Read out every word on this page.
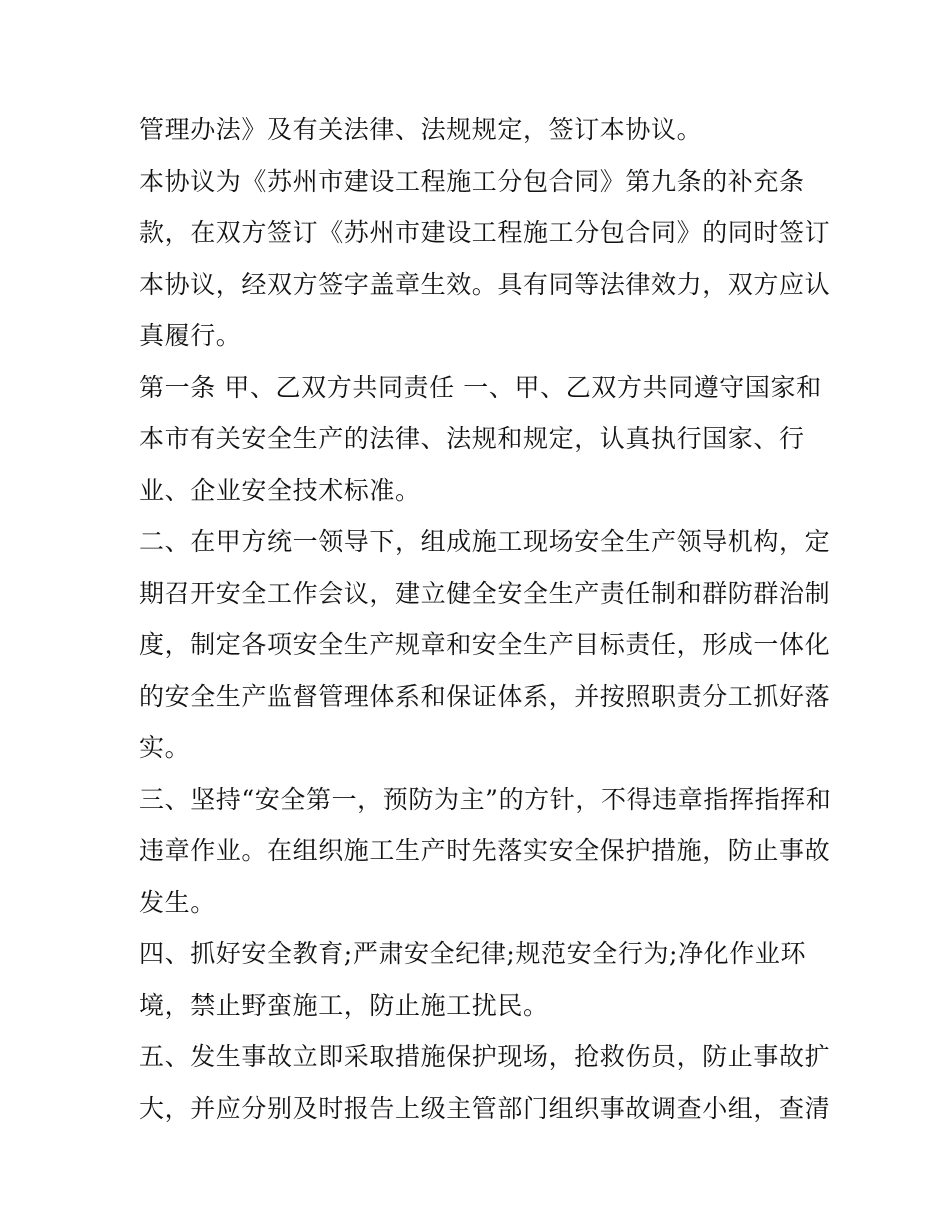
管理办法》及有关法律、法规规定，签订本协议。
本协议为《苏州市建设工程施工分包合同》第九条的补充条
款，在双方签订《苏州市建设工程施工分包合同》的同时签订
本协议，经双方签字盖章生效。具有同等法律效力，双方应认
真履行。
第一条 甲、乙双方共同责任 一、甲、乙双方共同遵守国家和
本市有关安全生产的法律、法规和规定，认真执行国家、行
业、企业安全技术标准。
二、在甲方统一领导下，组成施工现场安全生产领导机构，定
期召开安全工作会议，建立健全安全生产责任制和群防群治制
度，制定各项安全生产规章和安全生产目标责任，形成一体化
的安全生产监督管理体系和保证体系，并按照职责分工抓好落
实。
三、坚持“安全第一，预防为主”的方针，不得违章指挥指挥和
违章作业。在组织施工生产时先落实安全保护措施，防止事故
发生。
四、抓好安全教育;严肃安全纪律;规范安全行为;净化作业环
境，禁止野蛮施工，防止施工扰民。
五、发生事故立即采取措施保护现场，抢救伤员，防止事故扩
大，并应分别及时报告上级主管部门组织事故调查小组，查清
